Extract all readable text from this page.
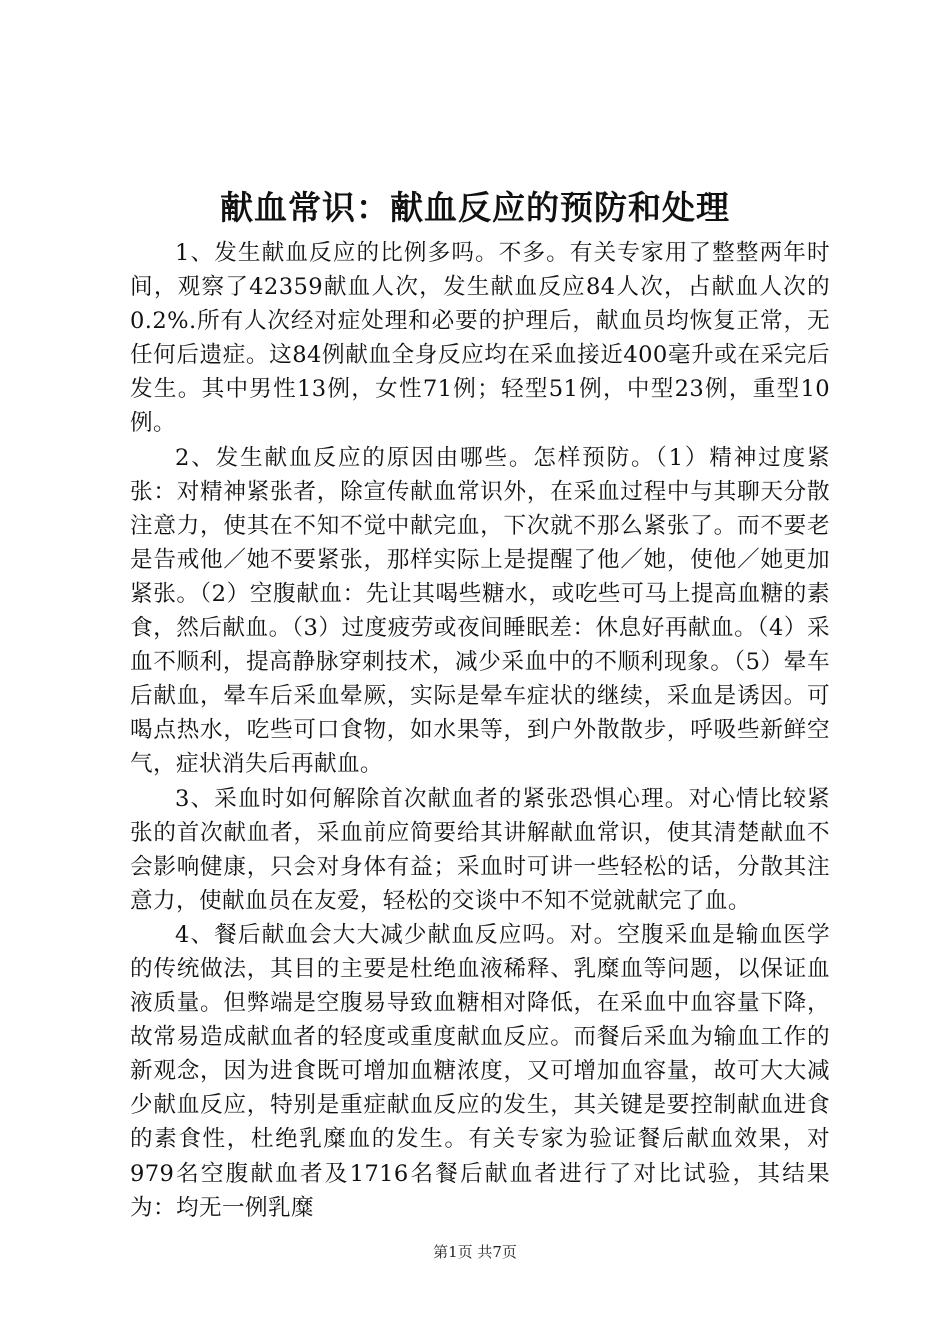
献血常识：献血反应的预防和处理

1、发生献血反应的比例多吗。不多。有关专家用了整整两年时间，观察了42359献血人次，发生献血反应84人次，占献血人次的0.2%.所有人次经对症处理和必要的护理后，献血员均恢复正常，无任何后遗症。这84例献血全身反应均在采血接近400毫升或在采完后发生。其中男性13例，女性71例；轻型51例，中型23例，重型10例。

2、发生献血反应的原因由哪些。怎样预防。（1）精神过度紧张：对精神紧张者，除宣传献血常识外，在采血过程中与其聊天分散注意力，使其在不知不觉中献完血，下次就不那么紧张了。而不要老是告戒他／她不要紧张，那样实际上是提醒了他／她，使他／她更加紧张。（2）空腹献血：先让其喝些糖水，或吃些可马上提高血糖的素食，然后献血。（3）过度疲劳或夜间睡眠差：休息好再献血。（4）采血不顺利，提高静脉穿刺技术，减少采血中的不顺利现象。（5）晕车后献血，晕车后采血晕厥，实际是晕车症状的继续，采血是诱因。可喝点热水，吃些可口食物，如水果等，到户外散散步，呼吸些新鲜空气，症状消失后再献血。

3、采血时如何解除首次献血者的紧张恐惧心理。对心情比较紧张的首次献血者，采血前应简要给其讲解献血常识，使其清楚献血不会影响健康，只会对身体有益；采血时可讲一些轻松的话，分散其注意力，使献血员在友爱，轻松的交谈中不知不觉就献完了血。

4、餐后献血会大大减少献血反应吗。对。空腹采血是输血医学的传统做法，其目的主要是杜绝血液稀释、乳糜血等问题，以保证血液质量。但弊端是空腹易导致血糖相对降低，在采血中血容量下降，故常易造成献血者的轻度或重度献血反应。而餐后采血为输血工作的新观念，因为进食既可增加血糖浓度，又可增加血容量，故可大大减少献血反应，特别是重症献血反应的发生，其关键是要控制献血进食的素食性，杜绝乳糜血的发生。有关专家为验证餐后献血效果，对979名空腹献血者及1716名餐后献血者进行了对比试验，其结果为：均无一例乳糜

第1页 共7页
